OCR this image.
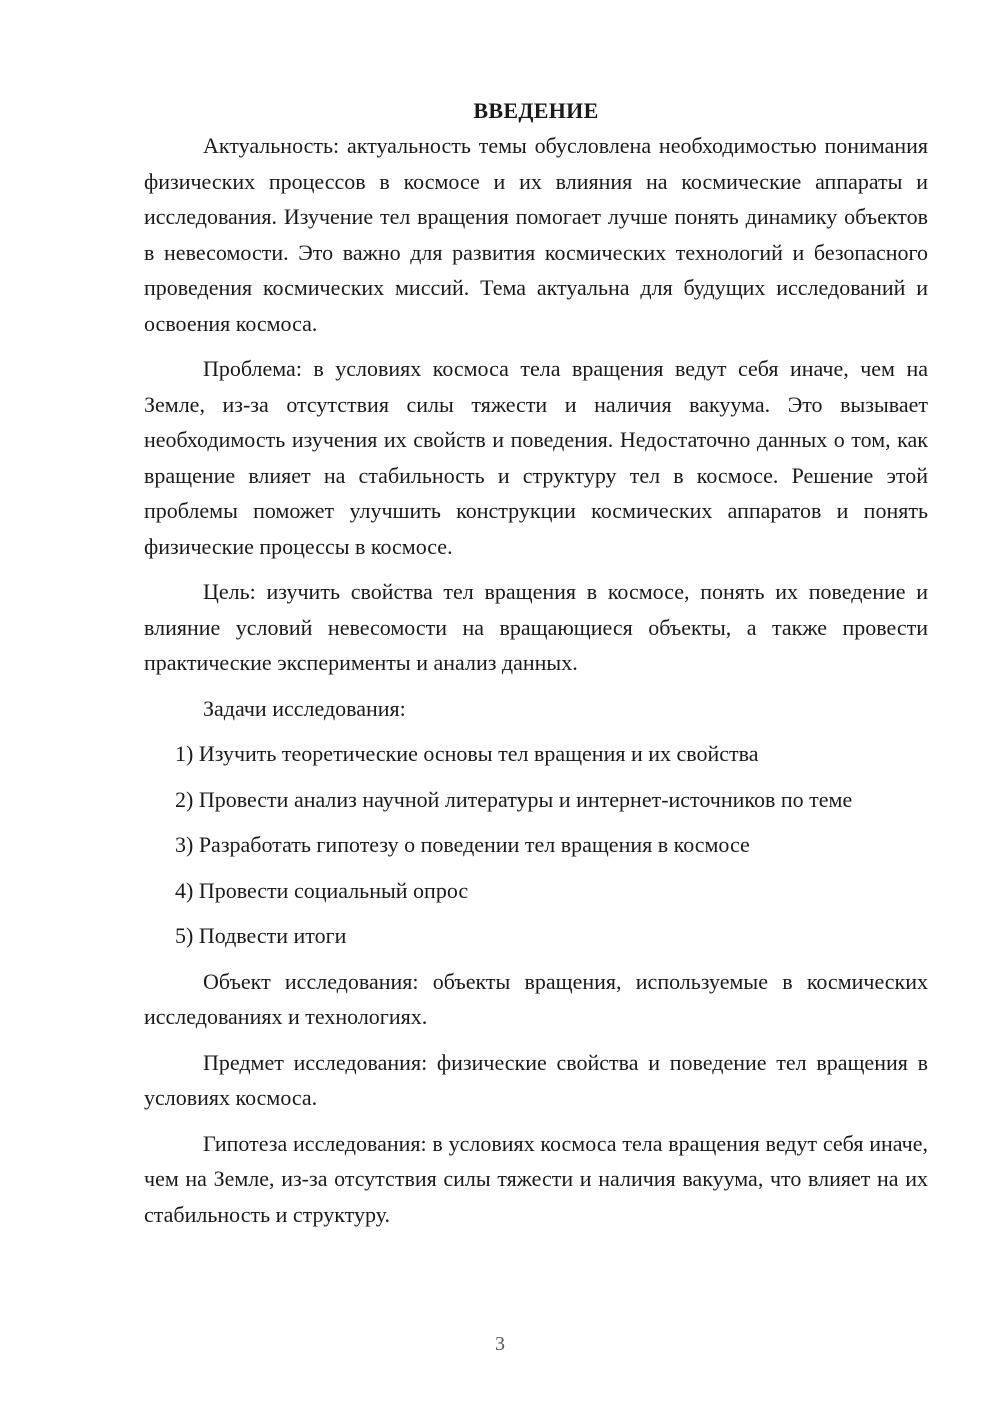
ВВЕДЕНИЕ

Актуальность: актуальность темы обусловлена необходимостью понимания физических процессов в космосе и их влияния на космические аппараты и исследования. Изучение тел вращения помогает лучше понять динамику объектов в невесомости. Это важно для развития космических технологий и безопасного проведения космических миссий. Тема актуальна для будущих исследований и освоения космоса.

Проблема: в условиях космоса тела вращения ведут себя иначе, чем на Земле, из-за отсутствия силы тяжести и наличия вакуума. Это вызывает необходимость изучения их свойств и поведения. Недостаточно данных о том, как вращение влияет на стабильность и структуру тел в космосе. Решение этой проблемы поможет улучшить конструкции космических аппаратов и понять физические процессы в космосе.

Цель: изучить свойства тел вращения в космосе, понять их поведение и влияние условий невесомости на вращающиеся объекты, а также провести практические эксперименты и анализ данных.

Задачи исследования:

1) Изучить теоретические основы тел вращения и их свойства

2) Провести анализ научной литературы и интернет-источников по теме

3) Разработать гипотезу о поведении тел вращения в космосе

4) Провести социальный опрос

5) Подвести итоги

Объект исследования: объекты вращения, используемые в космических исследованиях и технологиях.

Предмет исследования: физические свойства и поведение тел вращения в условиях космоса.

Гипотеза исследования: в условиях космоса тела вращения ведут себя иначе, чем на Земле, из-за отсутствия силы тяжести и наличия вакуума, что влияет на их стабильность и структуру.

3
